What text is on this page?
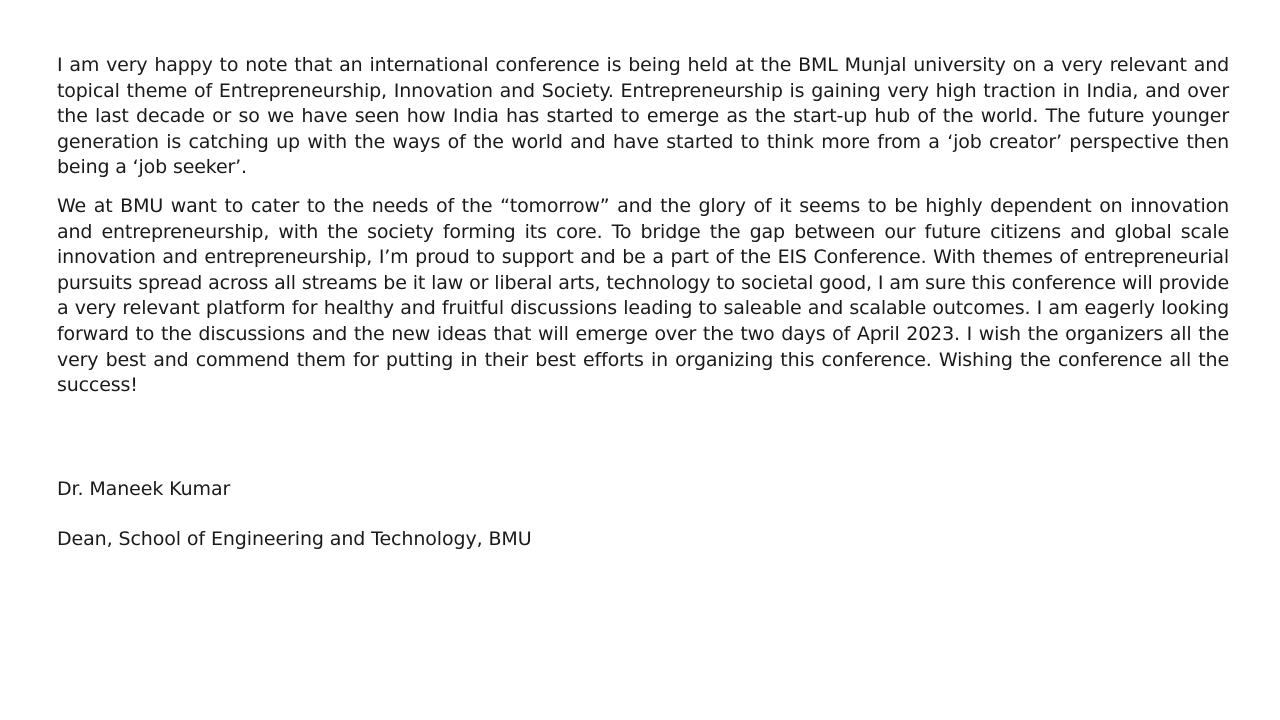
I am very happy to note that an international conference is being held at the BML Munjal university on a very relevant and topical theme of Entrepreneurship, Innovation and Society. Entrepreneurship is gaining very high traction in India, and over the last decade or so we have seen how India has started to emerge as the start-up hub of the world. The future younger generation is catching up with the ways of the world and have started to think more from a ‘job creator’ perspective then being a ‘job seeker’.

We at BMU want to cater to the needs of the “tomorrow” and the glory of it seems to be highly dependent on innovation and entrepreneurship, with the society forming its core. To bridge the gap between our future citizens and global scale innovation and entrepreneurship, I’m proud to support and be a part of the EIS Conference. With themes of entrepreneurial pursuits spread across all streams be it law or liberal arts, technology to societal good, I am sure this conference will provide a very relevant platform for healthy and fruitful discussions leading to saleable and scalable outcomes. I am eagerly looking forward to the discussions and the new ideas that will emerge over the two days of April 2023. I wish the organizers all the very best and commend them for putting in their best efforts in organizing this conference. Wishing the conference all the success!

Dr. Maneek Kumar

Dean, School of Engineering and Technology, BMU
